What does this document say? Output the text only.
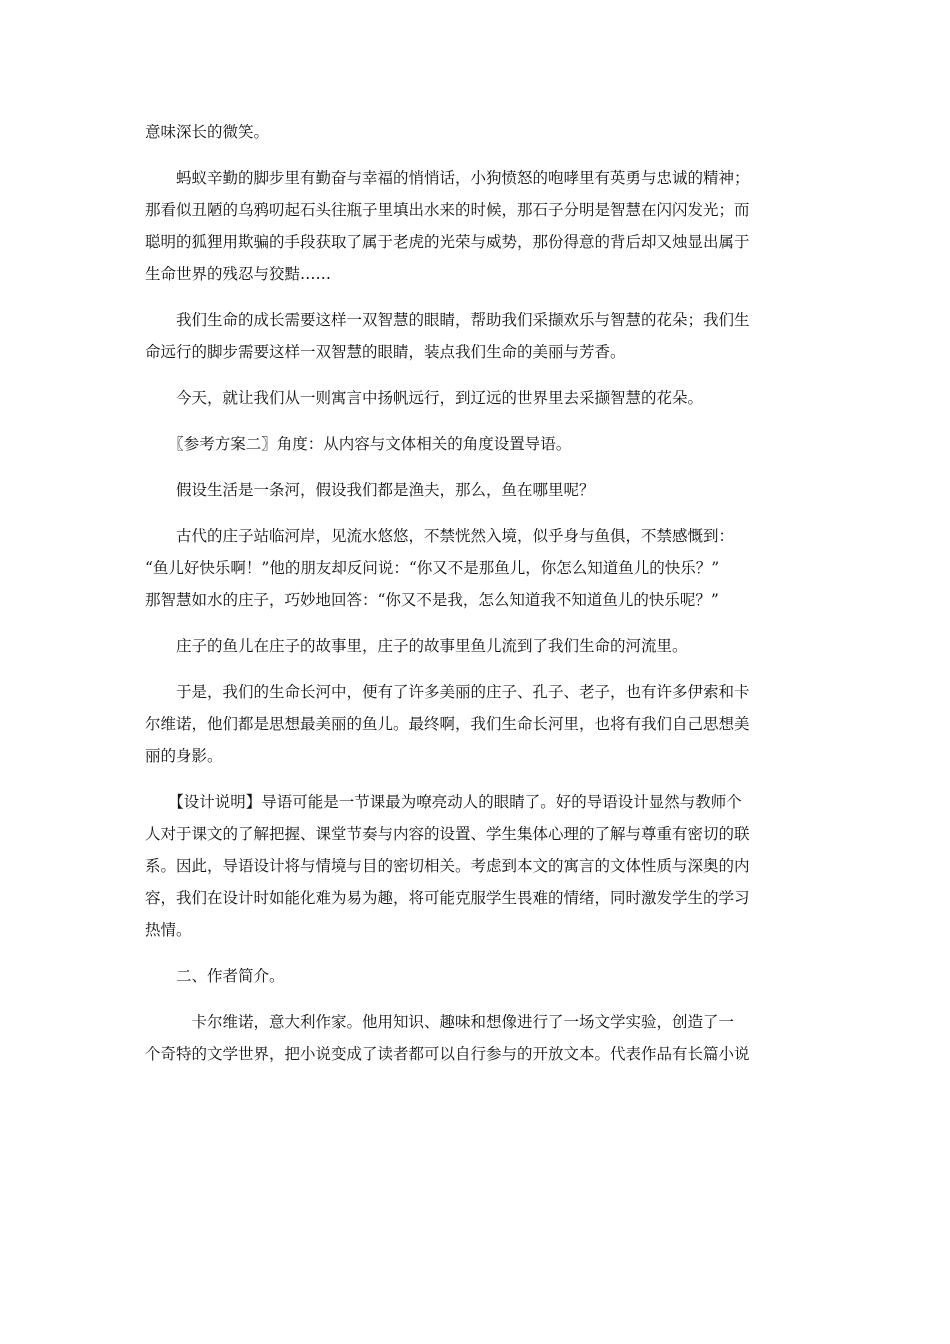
意味深长的微笑。
　　蚂蚁辛勤的脚步里有勤奋与幸福的悄悄话，小狗愤怒的咆哮里有英勇与忠诚的精神；
那看似丑陋的乌鸦叨起石头往瓶子里填出水来的时候，那石子分明是智慧在闪闪发光；而
聪明的狐狸用欺骗的手段获取了属于老虎的光荣与威势，那份得意的背后却又烛显出属于
生命世界的残忍与狡黠……
　　我们生命的成长需要这样一双智慧的眼睛，帮助我们采撷欢乐与智慧的花朵；我们生
命远行的脚步需要这样一双智慧的眼睛，装点我们生命的美丽与芳香。
　　今天，就让我们从一则寓言中扬帆远行，到辽远的世界里去采撷智慧的花朵。
　　〖参考方案二〗角度：从内容与文体相关的角度设置导语。
　　假设生活是一条河，假设我们都是渔夫，那么，鱼在哪里呢？
　　古代的庄子站临河岸，见流水悠悠，不禁恍然入境，似乎身与鱼俱，不禁感慨到：
“鱼儿好快乐啊！”他的朋友却反问说：“你又不是那鱼儿，你怎么知道鱼儿的快乐？”
那智慧如水的庄子，巧妙地回答：“你又不是我，怎么知道我不知道鱼儿的快乐呢？”
　　庄子的鱼儿在庄子的故事里，庄子的故事里鱼儿流到了我们生命的河流里。
　　于是，我们的生命长河中，便有了许多美丽的庄子、孔子、老子，也有许多伊索和卡
尔维诺，他们都是思想最美丽的鱼儿。最终啊，我们生命长河里，也将有我们自己思想美
丽的身影。
　　【设计说明】导语可能是一节课最为嘹亮动人的眼睛了。好的导语设计显然与教师个
人对于课文的了解把握、课堂节奏与内容的设置、学生集体心理的了解与尊重有密切的联
系。因此，导语设计将与情境与目的密切相关。考虑到本文的寓言的文体性质与深奥的内
容，我们在设计时如能化难为易为趣，将可能克服学生畏难的情绪，同时激发学生的学习
热情。
　　二、作者简介。
　　　卡尔维诺，意大利作家。他用知识、趣味和想像进行了一场文学实验，创造了一
个奇特的文学世界，把小说变成了读者都可以自行参与的开放文本。代表作品有长篇小说
